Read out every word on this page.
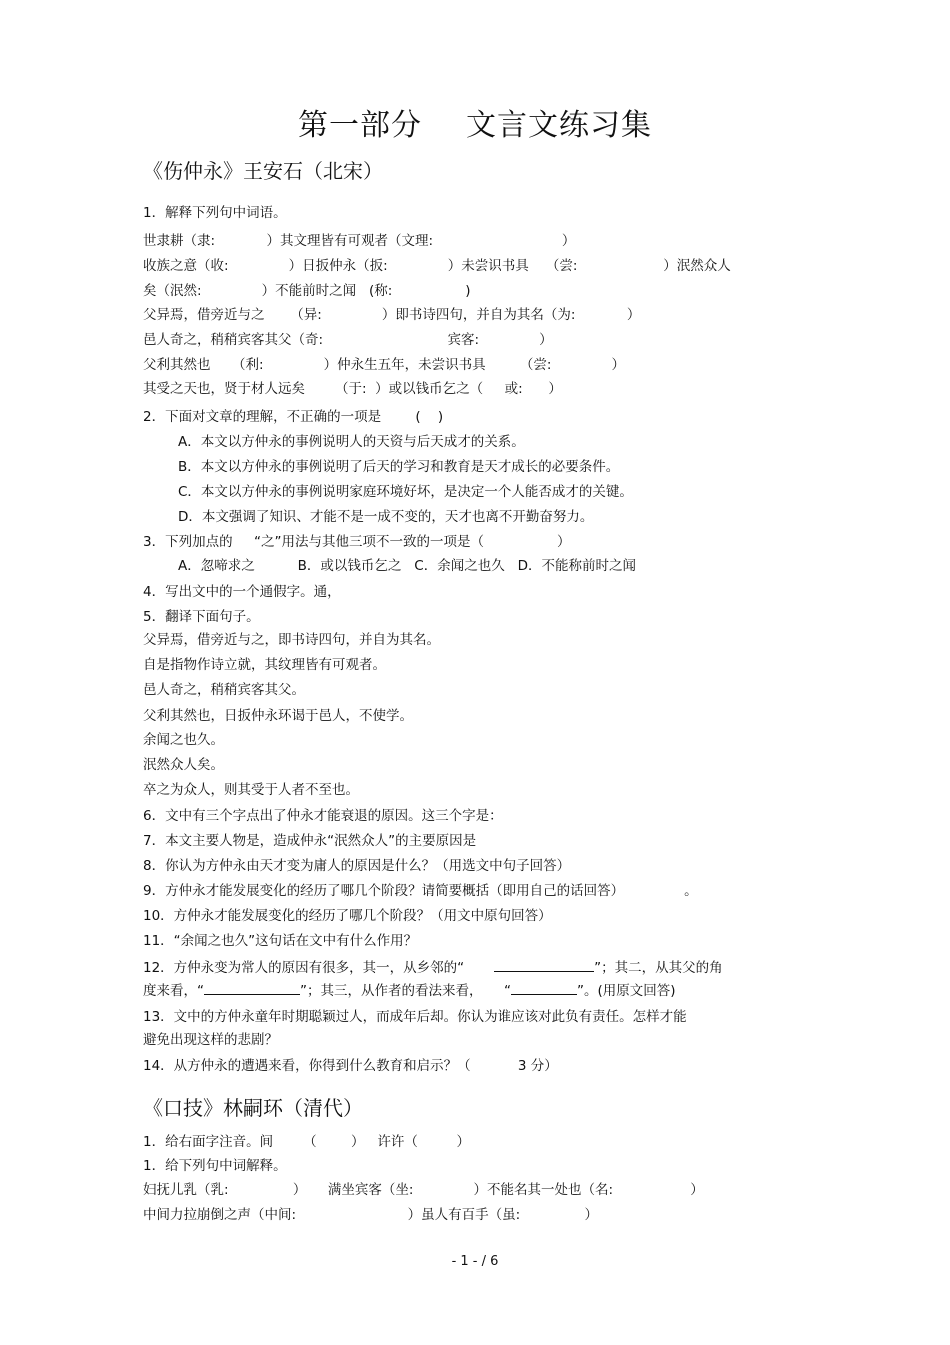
第一部分 文言文练习集
《伤仲永》王安石（北宋）
1．解释下列句中词语。
世隶耕（隶:            ）其文理皆有可观者（文理:                              ）
收族之意（收:              ）日扳仲永（扳:              ）未尝识书具    （尝:                    ）泯然众人
矣（泯然:              ）不能前时之闻   (称:                 )
父异焉，借旁近与之      （异:              ）即书诗四句，并自为其名（为:            ）
邑人奇之，稍稍宾客其父（奇:                             宾客:              ）
父利其然也     （利:              ）仲永生五年，未尝识书具        （尝:              ）
其受之天也，贤于材人远矣       （于:  ）或以钱币乞之（     或:      ）
2．下面对文章的理解，不正确的一项是        (    )
A．本文以方仲永的事例说明人的天资与后天成才的关系。
B．本文以方仲永的事例说明了后天的学习和教育是天才成长的必要条件。
C．本文以方仲永的事例说明家庭环境好坏，是决定一个人能否成才的关键。
D．本文强调了知识、才能不是一成不变的，天才也离不开勤奋努力。
3．下列加点的     “之”用法与其他三项不一致的一项是（                 ）
A．忽啼求之          B．或以钱币乞之   C．余闻之也久   D．不能称前时之闻
4．写出文中的一个通假字。通，
5．翻译下面句子。
父异焉，借旁近与之，即书诗四句，并自为其名。
自是指物作诗立就，其纹理皆有可观者。
邑人奇之，稍稍宾客其父。
父利其然也，日扳仲永环谒于邑人，不使学。
余闻之也久。
泯然众人矣。
卒之为众人，则其受于人者不至也。
6．文中有三个字点出了仲永才能衰退的原因。这三个字是：
7．本文主要人物是，造成仲永“泯然众人”的主要原因是
8．你认为方仲永由天才变为庸人的原因是什么？（用选文中句子回答）
9．方仲永才能发展变化的经历了哪几个阶段？请简要概括（即用自己的话回答）              。
10．方仲永才能发展变化的经历了哪几个阶段？（用文中原句回答）
11．“余闻之也久”这句话在文中有什么作用？
12．方仲永变为常人的原因有很多，其一，从乡邻的“	”；其二，从其父的角
度来看，“	”；其三，从作者的看法来看，     “	”。(用原文回答)
13．文中的方仲永童年时期聪颖过人，而成年后却。你认为谁应该对此负有责任。怎样才能
避免出现这样的悲剧？
14．从方仲永的遭遇来看，你得到什么教育和启示？（           3 分）
《口技》林嗣环（清代）
1．给右面字注音。间       （        ）   许许（         ）
1．给下列句中词解释。
妇抚儿乳（乳:               ）     满坐宾客（坐:              ）不能名其一处也（名:                  ）
中间力拉崩倒之声（中间:                          ）虽人有百手（虽:               ）
- 1 - / 6
